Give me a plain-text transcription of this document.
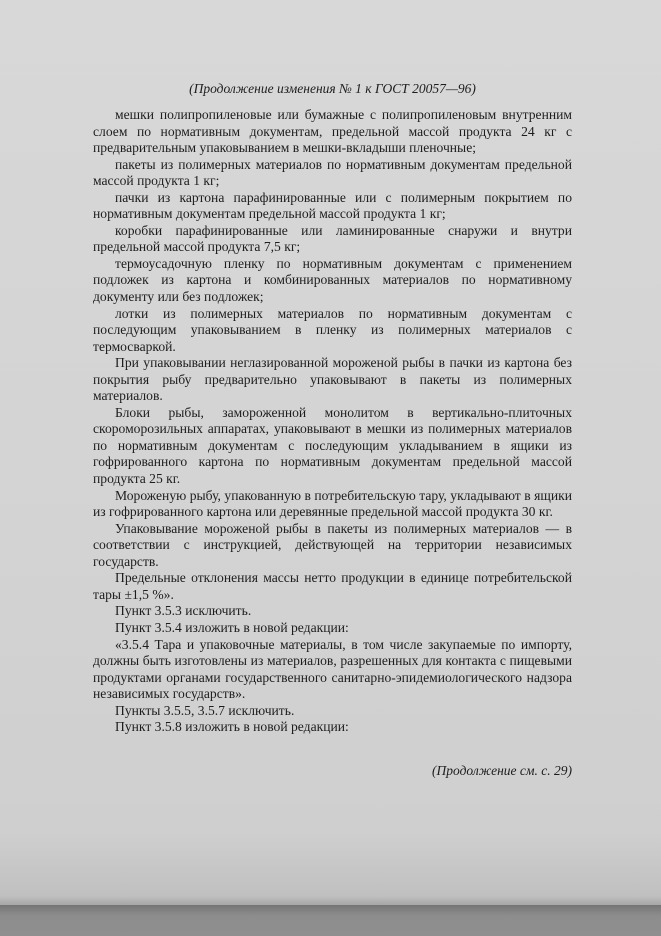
(Продолжение изменения № 1 к ГОСТ 20057—96)

мешки полипропиленовые или бумажные с полипропиленовым внутренним слоем по нормативным документам, предельной массой продукта 24 кг с предварительным упаковыванием в мешки-вкладыши пленочные;

пакеты из полимерных материалов по нормативным документам предельной массой продукта 1 кг;

пачки из картона парафинированные или с полимерным покрытием по нормативным документам предельной массой продукта 1 кг;

коробки парафинированные или ламинированные снаружи и внутри предельной массой продукта 7,5 кг;

термоусадочную пленку по нормативным документам с применением подложек из картона и комбинированных материалов по нормативному документу или без подложек;

лотки из полимерных материалов по нормативным документам с последующим упаковыванием в пленку из полимерных материалов с термосваркой.

При упаковывании неглазированной мороженой рыбы в пачки из картона без покрытия рыбу предварительно упаковывают в пакеты из полимерных материалов.

Блоки рыбы, замороженной монолитом в вертикально-плиточных скороморозильных аппаратах, упаковывают в мешки из полимерных материалов по нормативным документам с последующим укладыванием в ящики из гофрированного картона по нормативным документам предельной массой продукта 25 кг.

Мороженую рыбу, упакованную в потребительскую тару, укладывают в ящики из гофрированного картона или деревянные предельной массой продукта 30 кг.

Упаковывание мороженой рыбы в пакеты из полимерных материалов — в соответствии с инструкцией, действующей на территории независимых государств.

Предельные отклонения массы нетто продукции в единице потребительской тары ±1,5 %».

Пункт 3.5.3 исключить.

Пункт 3.5.4 изложить в новой редакции:

«3.5.4 Тара и упаковочные материалы, в том числе закупаемые по импорту, должны быть изготовлены из материалов, разрешенных для контакта с пищевыми продуктами органами государственного санитарно-эпидемиологического надзора независимых государств».

Пункты 3.5.5, 3.5.7 исключить.

Пункт 3.5.8 изложить в новой редакции:

(Продолжение см. с. 29)
